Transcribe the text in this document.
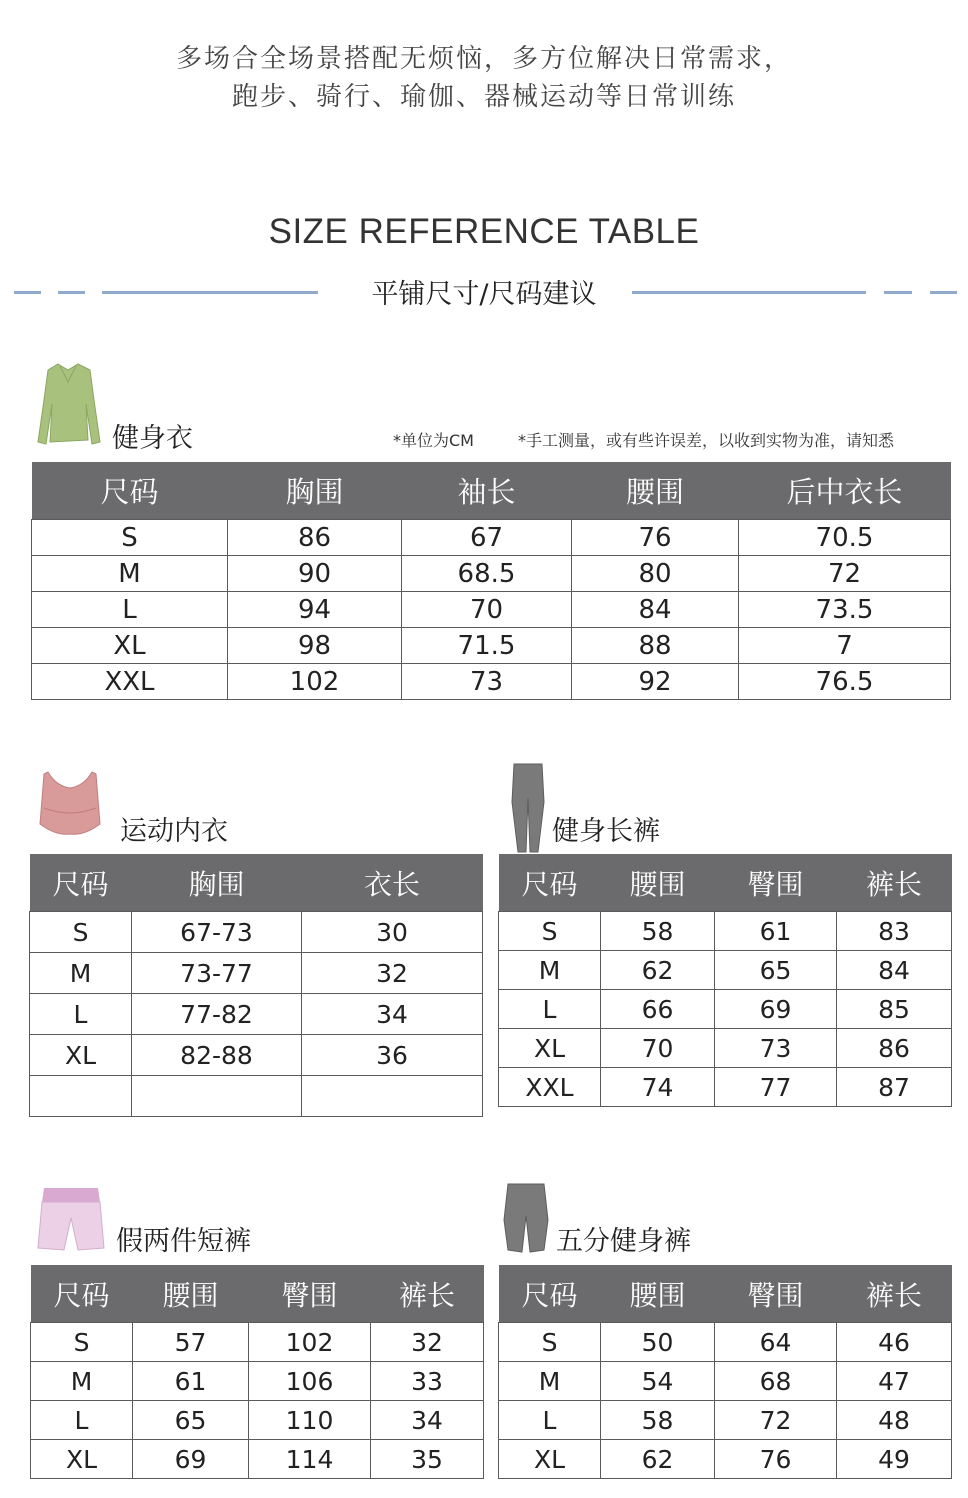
多场合全场景搭配无烦恼，多方位解决日常需求，
跑步、骑行、瑜伽、器械运动等日常训练
SIZE REFERENCE TABLE
平铺尺寸/尺码建议
健身衣	*单位为CM	*手工测量，或有些许误差，以收到实物为准，请知悉
尺码	胸围	袖长	腰围	后中衣长
S	86	67	76	70.5
M	90	68.5	80	72
L	94	70	84	73.5
XL	98	71.5	88	7
XXL	102	73	92	76.5
运动内衣
尺码	胸围	衣长
S	67-73	30
M	73-77	32
L	77-82	34
XL	82-88	36

健身长裤
尺码	腰围	臀围	裤长
S	58	61	83
M	62	65	84
L	66	69	85
XL	70	73	86
XXL	74	77	87
假两件短裤
尺码	腰围	臀围	裤长
S	57	102	32
M	61	106	33
L	65	110	34
XL	69	114	35
五分健身裤
尺码	腰围	臀围	裤长
S	50	64	46
M	54	68	47
L	58	72	48
XL	62	76	49
